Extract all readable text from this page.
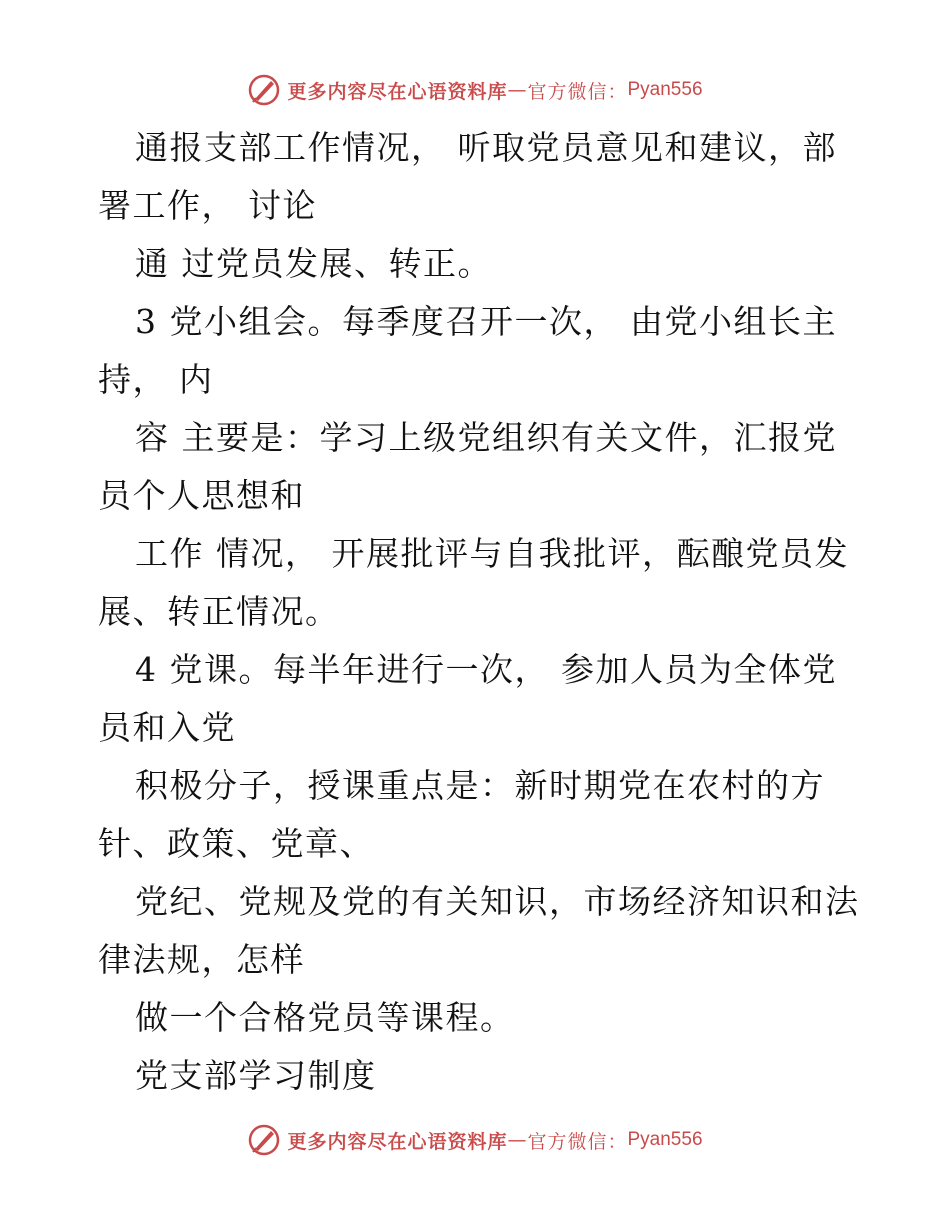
更多内容尽在心语资料库 — 官方微信： Pyan556
通报支部工作情况， 听取党员意见和建议，部
署工作， 讨论
通 过党员发展、转正。
3 党小组会。每季度召开一次， 由党小组长主
持， 内
容 主要是：学习上级党组织有关文件，汇报党
员个人思想和
工作 情况， 开展批评与自我批评，酝酿党员发
展、转正情况。
4 党课。每半年进行一次， 参加人员为全体党
员和入党
积极分子，授课重点是：新时期党在农村的方
针、政策、党章、
党纪、党规及党的有关知识，市场经济知识和法
律法规，怎样
做一个合格党员等课程。
党支部学习制度
更多内容尽在心语资料库 — 官方微信： Pyan556
